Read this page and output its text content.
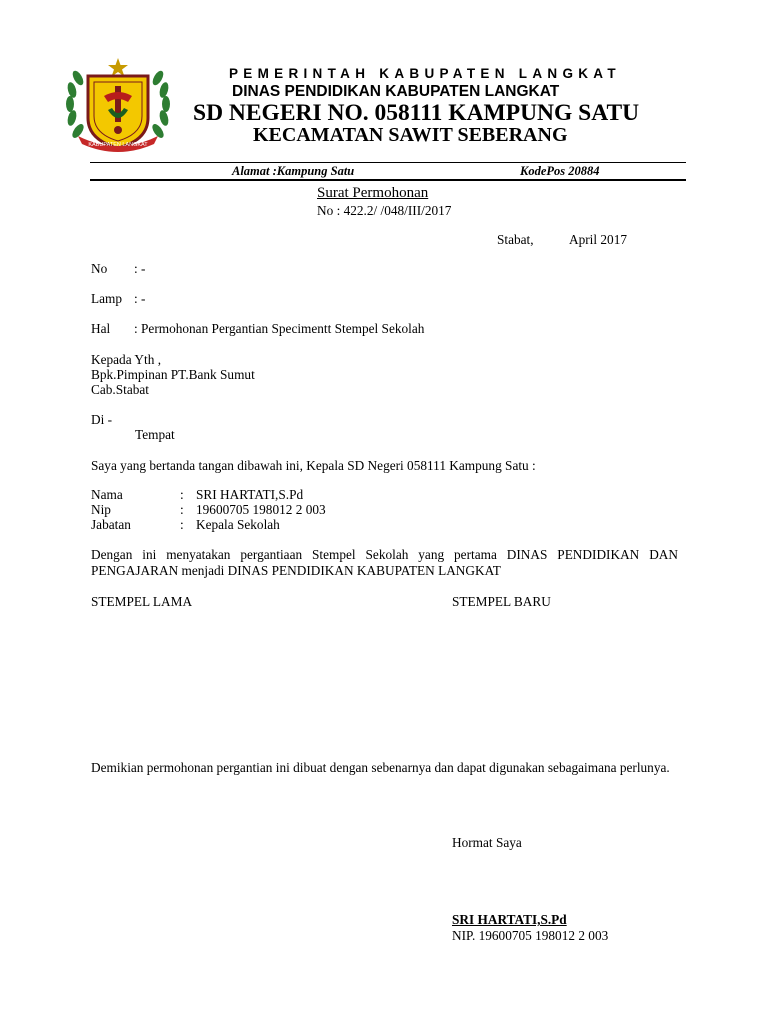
KABUPATEN LANGKAT
PEMERINTAH KABUPATEN LANGKAT
DINAS PENDIDIKAN KABUPATEN LANGKAT
SD NEGERI NO. 058111 KAMPUNG SATU
KECAMATAN SAWIT SEBERANG
Alamat :Kampung Satu	KodePos 20884
Surat Permohonan
No : 422.2/ /048/III/2017
Stabat,	April 2017
No : -
Lamp : -
Hal : Permohonan Pergantian Specimentt Stempel Sekolah
Kepada Yth ,
Bpk.Pimpinan PT.Bank Sumut
Cab.Stabat
Di -
Tempat
Saya yang bertanda tangan dibawah ini, Kepala SD Negeri 058111 Kampung Satu :
Nama	: SRI HARTATI,S.Pd
Nip	: 19600705 198012 2 003
Jabatan	: Kepala Sekolah
Dengan ini menyatakan pergantiaan Stempel Sekolah yang pertama DINAS PENDIDIKAN DAN PENGAJARAN menjadi DINAS PENDIDIKAN KABUPATEN LANGKAT
STEMPEL LAMA	STEMPEL BARU
Demikian permohonan pergantian ini dibuat dengan sebenarnya dan dapat digunakan sebagaimana perlunya.
Hormat Saya
SRI HARTATI,S.Pd
NIP. 19600705 198012 2 003
